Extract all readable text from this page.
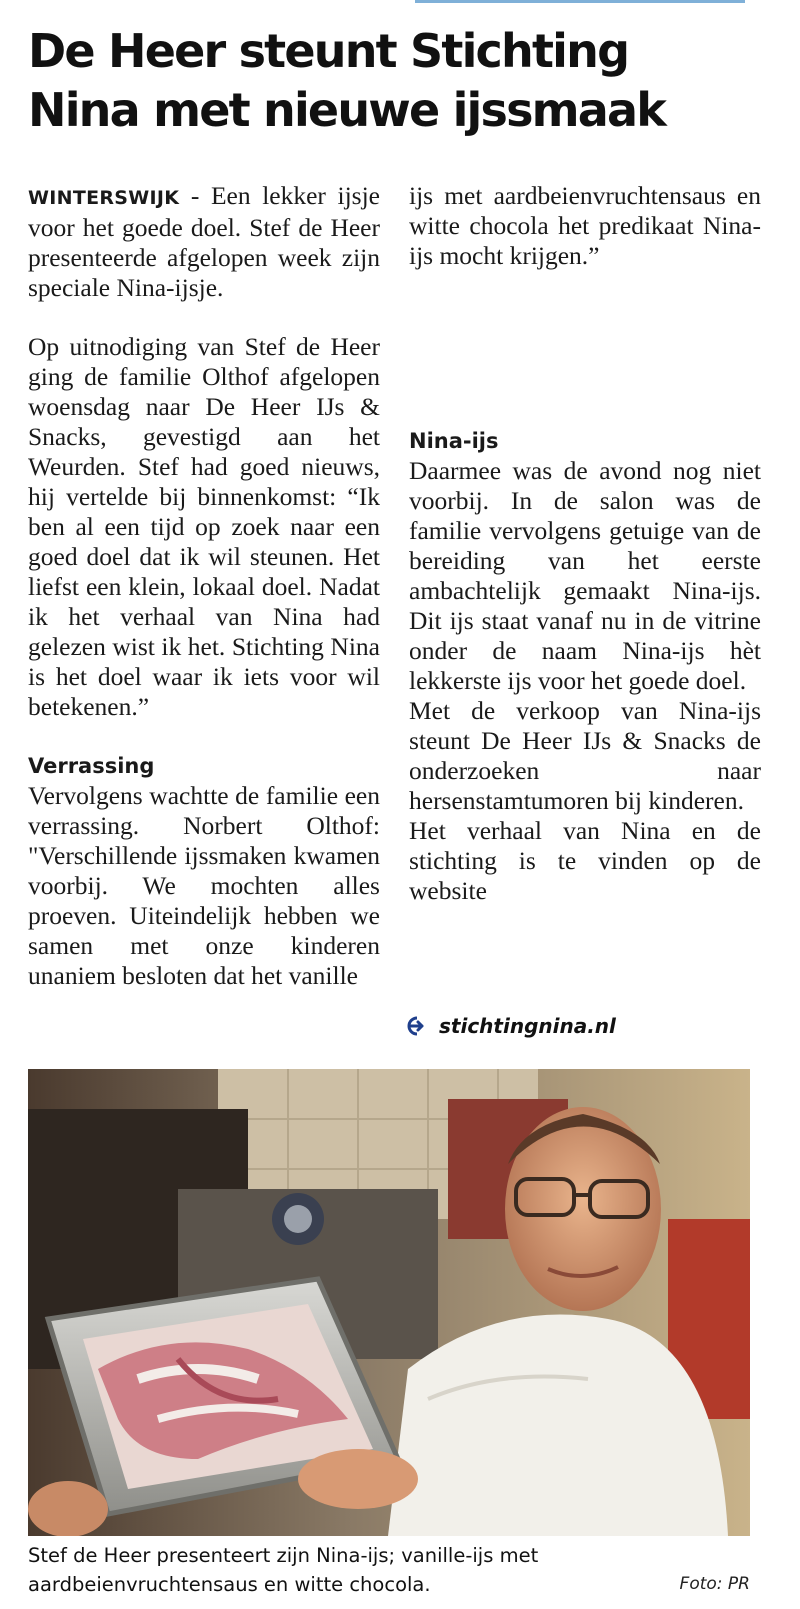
De Heer steunt Stichting
Nina met nieuwe ijssmaak

WINTERSWIJK - Een lekker ijsje voor het goede doel. Stef de Heer presenteerde afgelopen week zijn speciale Nina-ijsje.

Op uitnodiging van Stef de Heer ging de familie Olthof afgelopen woensdag naar De Heer IJs & Snacks, gevestigd aan het Weurden. Stef had goed nieuws, hij vertelde bij binnenkomst: “Ik ben al een tijd op zoek naar een goed doel dat ik wil steunen. Het liefst een klein, lokaal doel. Nadat ik het verhaal van Nina had gelezen wist ik het. Stichting Nina is het doel waar ik iets voor wil betekenen.”

Verrassing

Vervolgens wachtte de familie een verrassing. Norbert Olthof: "Verschillende ijssmaken kwamen voorbij. We mochten alles proeven. Uiteindelijk hebben we samen met onze kinderen unaniem besloten dat het vanille

ijs met aardbeienvruchtensaus en witte chocola het predikaat Nina-ijs mocht krijgen.”

Nina-ijs

Daarmee was de avond nog niet voorbij. In de salon was de familie vervolgens getuige van de bereiding van het eerste ambachtelijk gemaakt Nina-ijs. Dit ijs staat vanaf nu in de vitrine onder de naam Nina-ijs hèt lekkerste ijs voor het goede doel.

Met de verkoop van Nina-ijs steunt De Heer IJs & Snacks de onderzoeken naar hersenstamtumoren bij kinderen.

Het verhaal van Nina en de stichting is te vinden op de website

stichtingnina.nl
Stef de Heer presenteert zijn Nina-ijs; vanille-ijs met aardbeienvruchtensaus en witte chocola.	Foto: PR
